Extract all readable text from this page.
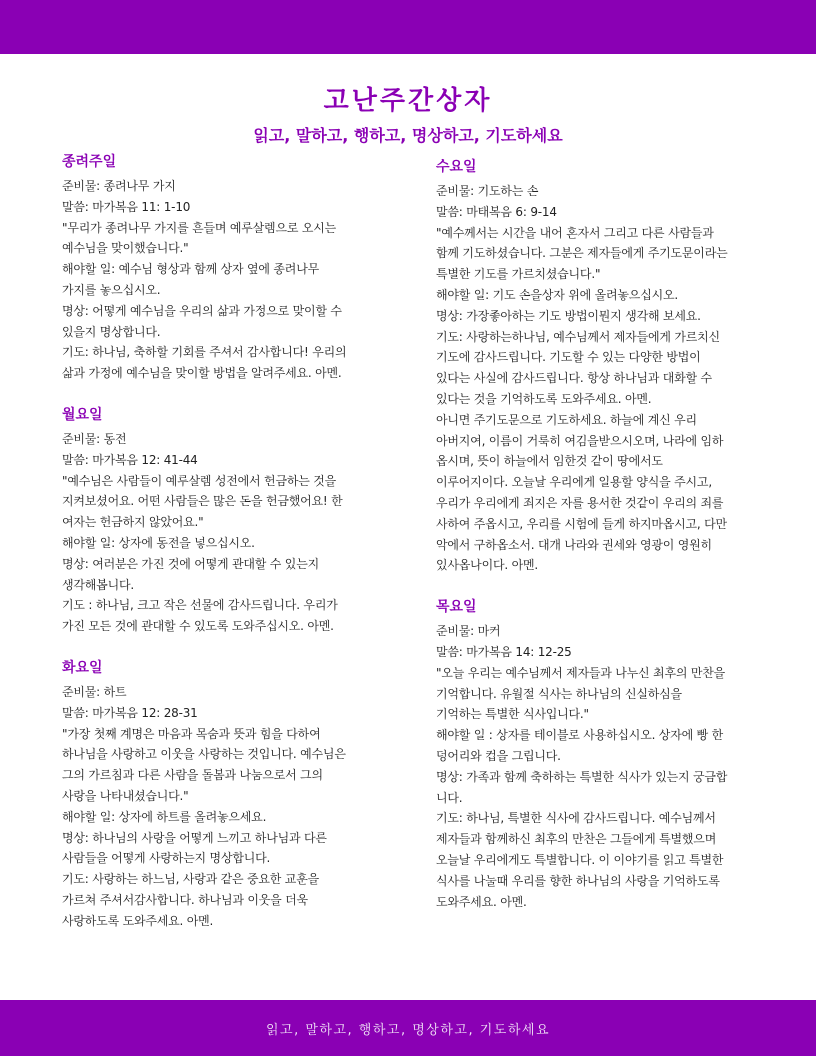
고난주간상자
읽고, 말하고, 행하고, 명상하고, 기도하세요
종려주일
준비물: 종려나무 가지
말씀: 마가복음 11: 1-10
"무리가 종려나무 가지를 흔들며 예루살렘으로 오시는
예수님을 맞이했습니다."
해야할 일: 예수님 형상과 함께 상자 옆에 종려나무
가지를 놓으십시오.
명상: 어떻게 예수님을 우리의 삶과 가정으로 맞이할 수
있을지 명상합니다.
기도: 하나님, 축하할 기회를 주셔서 감사합니다! 우리의
삶과 가정에 예수님을 맞이할 방법을 알려주세요. 아멘.
월요일
준비물: 동전
말씀: 마가복음 12: 41-44
"예수님은 사람들이 예루살렘 성전에서 헌금하는 것을
지켜보셨어요. 어떤 사람들은 많은 돈을 헌금했어요! 한
여자는 헌금하지 않았어요."
해야할 일: 상자에 동전을 넣으십시오.
명상: 여러분은 가진 것에 어떻게 관대할 수 있는지
생각해봅니다.
기도 : 하나님, 크고 작은 선물에 감사드립니다. 우리가
가진 모든 것에 관대할 수 있도록 도와주십시오. 아멘.
화요일
준비물: 하트
말씀: 마가복음 12: 28-31
"가장 첫째 계명은 마음과 목숨과 뜻과 힘을 다하여
하나님을 사랑하고 이웃을 사랑하는 것입니다. 예수님은
그의 가르침과 다른 사람을 돌봄과 나눔으로서 그의
사랑을 나타내셨습니다."
해야할 일: 상자에 하트를 올려놓으세요.
명상: 하나님의 사랑을 어떻게 느끼고 하나님과 다른
사람들을 어떻게 사랑하는지 명상합니다.
기도: 사랑하는 하느님, 사랑과 같은 중요한 교훈을
가르쳐 주셔서감사합니다. 하나님과 이웃을 더욱
사랑하도록 도와주세요. 아멘.
수요일
준비물: 기도하는 손
말씀: 마태복음 6: 9-14
"예수께서는 시간을 내어 혼자서 그리고 다른 사람들과
함께 기도하셨습니다. 그분은 제자들에게 주기도문이라는
특별한 기도를 가르치셨습니다."
해야할 일: 기도 손을상자 위에 올려놓으십시오.
명상: 가장좋아하는 기도 방법이뭔지 생각해 보세요.
기도: 사랑하는하나님, 예수님께서 제자들에게 가르치신
기도에 감사드립니다. 기도할 수 있는 다양한 방법이
있다는 사실에 감사드립니다. 항상 하나님과 대화할 수
있다는 것을 기억하도록 도와주세요. 아멘.
아니면 주기도문으로 기도하세요. 하늘에 계신 우리
아버지여, 이름이 거룩히 여김을받으시오며, 나라에 임하
옵시며, 뜻이 하늘에서 임한것 같이 땅에서도
이루어지이다. 오늘날 우리에게 일용할 양식을 주시고,
우리가 우리에게 죄지은 자를 용서한 것같이 우리의 죄를
사하여 주옵시고, 우리를 시험에 들게 하지마옵시고, 다만
악에서 구하옵소서. 대개 나라와 권세와 영광이 영원히
있사옵나이다. 아멘.
목요일
준비물: 마커
말씀: 마가복음 14: 12-25
"오늘 우리는 예수님께서 제자들과 나누신 최후의 만찬을
기억합니다. 유월절 식사는 하나님의 신실하심을
기억하는 특별한 식사입니다."
해야할 일 : 상자를 테이블로 사용하십시오. 상자에 빵 한
덩어리와 컵을 그립니다.
명상: 가족과 함께 축하하는 특별한 식사가 있는지 궁금합
니다.
기도: 하나님, 특별한 식사에 감사드립니다. 예수님께서
제자들과 함께하신 최후의 만찬은 그들에게 특별했으며
오늘날 우리에게도 특별합니다. 이 이야기를 읽고 특별한
식사를 나눌때 우리를 향한 하나님의 사랑을 기억하도록
도와주세요. 아멘.
읽고, 말하고, 행하고, 명상하고, 기도하세요
